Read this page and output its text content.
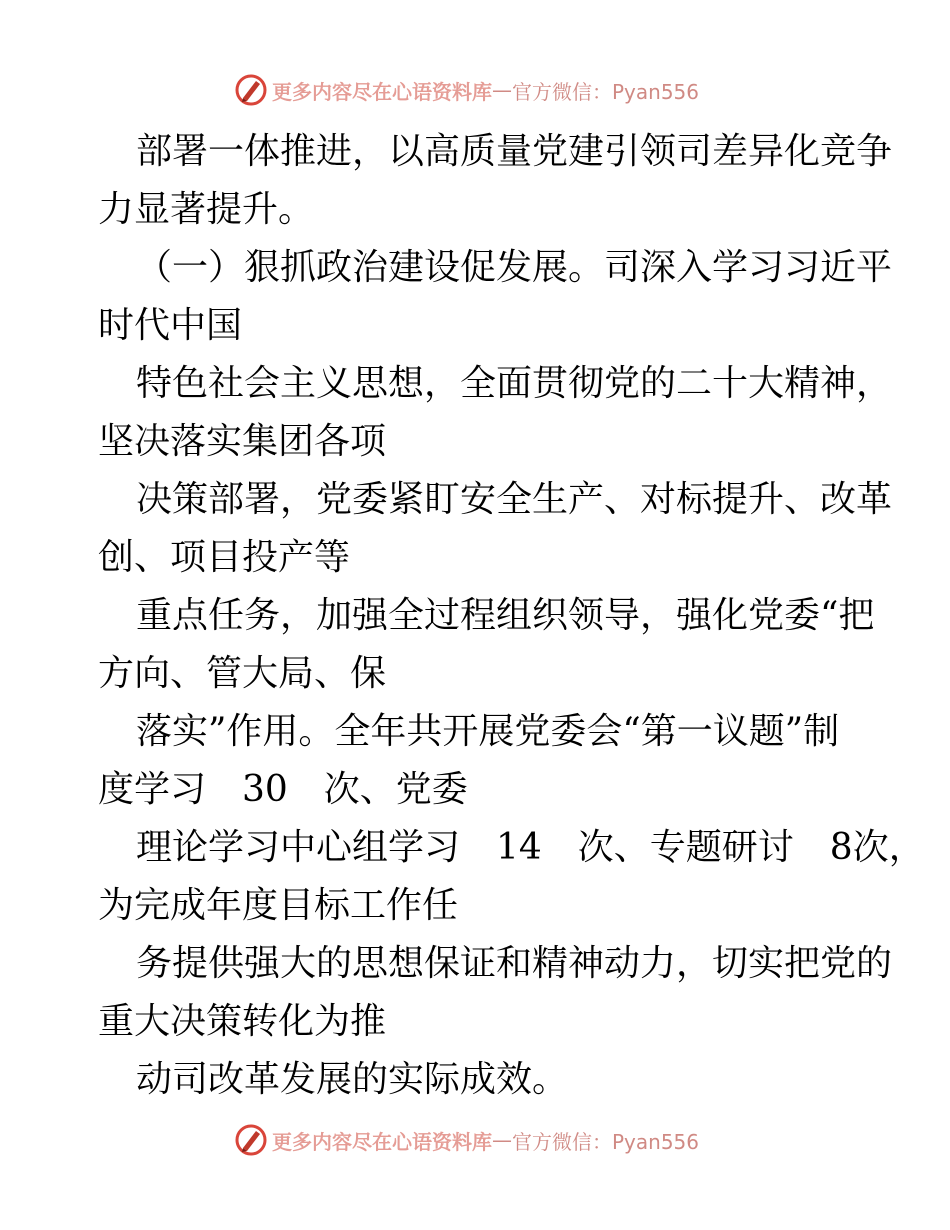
更多内容尽在心语资料库 — 官方微信：Pyan556
部署一体推进，以高质量党建引领司差异化竞争
力显著提升。
（一）狠抓政治建设促发展。司深入学习习近平
时代中国
特色社会主义思想，全面贯彻党的二十大精神，
坚决落实集团各项
决策部署，党委紧盯安全生产、对标提升、改革
创、项目投产等
重点任务，加强全过程组织领导，强化党委“把
方向、管大局、保
落实”作用。全年共开展党委会“第一议题”制
度学习　30　次、党委
理论学习中心组学习　14　次、专题研讨　8次，
为完成年度目标工作任
务提供强大的思想保证和精神动力，切实把党的
重大决策转化为推
动司改革发展的实际成效。
更多内容尽在心语资料库 — 官方微信：Pyan556
